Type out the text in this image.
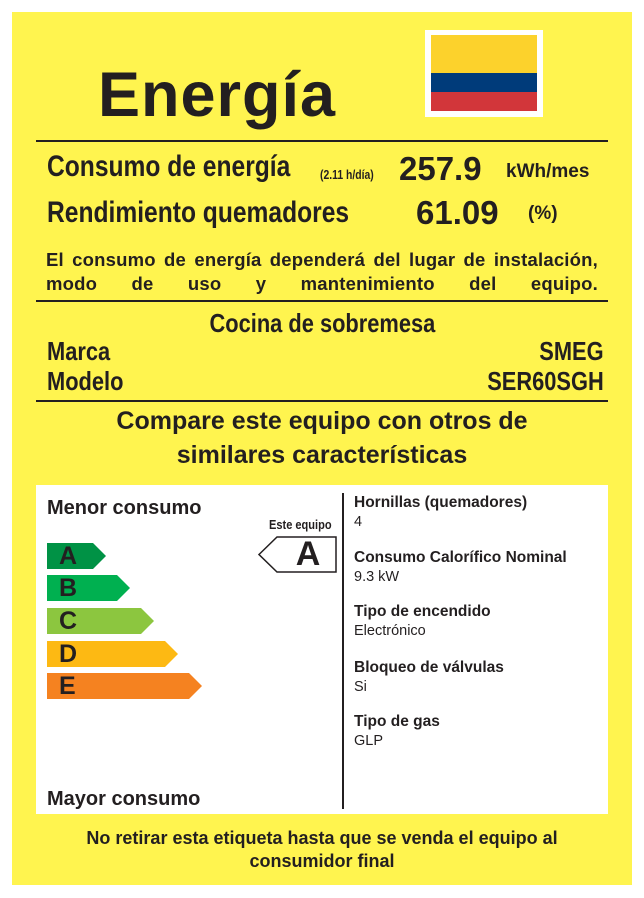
Energía
Consumo de energía	(2.11 h/día) 257.9 kWh/mes
Rendimiento quemadores	61.09 (%)
El consumo de energía dependerá del lugar de instalación, modo de uso y mantenimiento del equipo.
Cocina de sobremesa
Marca	SMEG
Modelo	SER60SGH
Compare este equipo con otros de
similares características
Menor consumo
A
B
C
D
E
Este equipo
A
Mayor consumo
Hornillas (quemadores)
4
Consumo Calorífico Nominal
9.3 kW
Tipo de encendido
Electrónico
Bloqueo de válvulas
Si
Tipo de gas
GLP
No retirar esta etiqueta hasta que se venda el equipo al
consumidor final
